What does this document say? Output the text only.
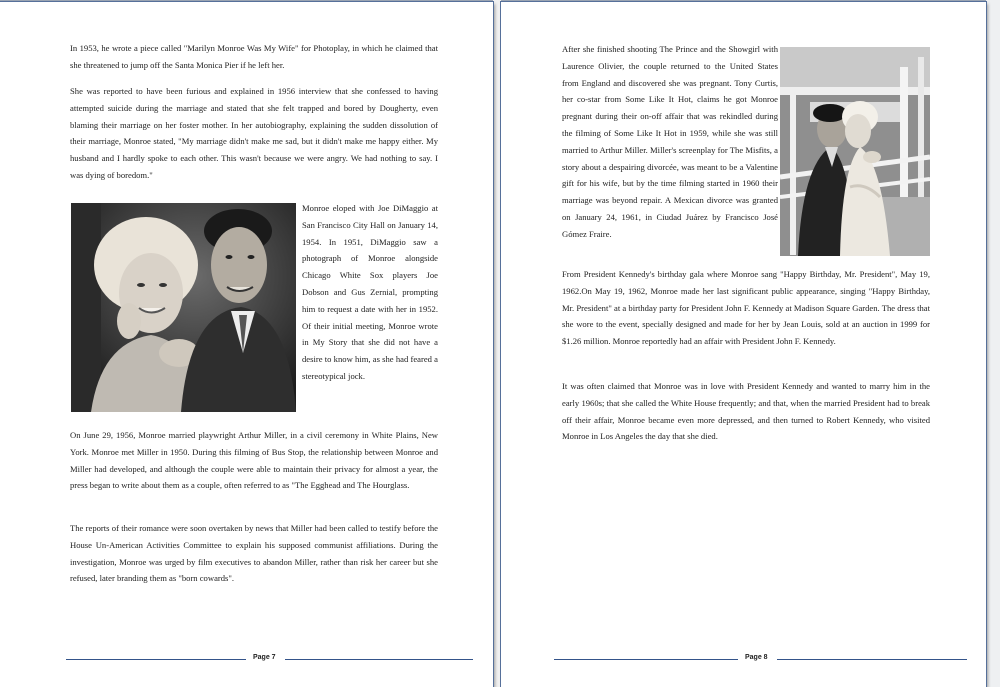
In 1953, he wrote a piece called "Marilyn Monroe Was My Wife" for Photoplay, in which he claimed that she threatened to jump off the Santa Monica Pier if he left her.

She was reported to have been furious and explained in 1956 interview that she confessed to having attempted suicide during the marriage and stated that she felt trapped and bored by Dougherty, even blaming their marriage on her foster mother. In her autobiography, explaining the sudden dissolution of their marriage, Monroe stated, "My marriage didn't make me sad, but it didn't make me happy either. My husband and I hardly spoke to each other. This wasn't because we were angry. We had nothing to say. I was dying of boredom."

Monroe eloped with Joe DiMaggio at San Francisco City Hall on January 14, 1954. In 1951, DiMaggio saw a photograph of Monroe alongside Chicago White Sox players Joe Dobson and Gus Zernial, prompting him to request a date with her in 1952. Of their initial meeting, Monroe wrote in My Story that she did not have a desire to know him, as she had feared a stereotypical jock.

On June 29, 1956, Monroe married playwright Arthur Miller, in a civil ceremony in White Plains, New York. Monroe met Miller in 1950. During this filming of Bus Stop, the relationship between Monroe and Miller had developed, and although the couple were able to maintain their privacy for almost a year, the press began to write about them as a couple, often referred to as "The Egghead and The Hourglass.

The reports of their romance were soon overtaken by news that Miller had been called to testify before the House Un-American Activities Committee to explain his supposed communist affiliations. During the investigation, Monroe was urged by film executives to abandon Miller, rather than risk her career but she refused, later branding them as "born cowards".

Page 7

After she finished shooting The Prince and the Showgirl with Laurence Olivier, the couple returned to the United States from England and discovered she was pregnant. Tony Curtis, her co-star from Some Like It Hot, claims he got Monroe pregnant during their on-off affair that was rekindled during the filming of Some Like It Hot in 1959, while she was still married to Arthur Miller. Miller's screenplay for The Misfits, a story about a despairing divorcée, was meant to be a Valentine gift for his wife, but by the time filming started in 1960 their marriage was beyond repair. A Mexican divorce was granted on January 24, 1961, in Ciudad Juárez by Francisco José Gómez Fraire.

From President Kennedy's birthday gala where Monroe sang "Happy Birthday, Mr. President", May 19, 1962.On May 19, 1962, Monroe made her last significant public appearance, singing "Happy Birthday, Mr. President" at a birthday party for President John F. Kennedy at Madison Square Garden. The dress that she wore to the event, specially designed and made for her by Jean Louis, sold at an auction in 1999 for $1.26 million. Monroe reportedly had an affair with President John F. Kennedy.

It was often claimed that Monroe was in love with President Kennedy and wanted to marry him in the early 1960s; that she called the White House frequently; and that, when the married President had to break off their affair, Monroe became even more depressed, and then turned to Robert Kennedy, who visited Monroe in Los Angeles the day that she died.

Page 8
